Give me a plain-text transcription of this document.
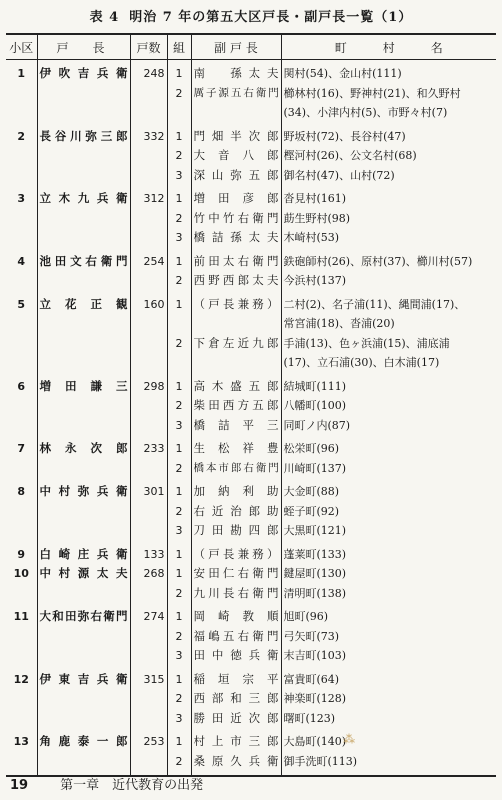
表 4 明治 7 年の第五大区戸長・副戸長一覧（1）
小区	戸　長	戸数	組	副 戸 長	町　　　村　　　名
1	伊吹吉兵衛	248	1	南　孫太夫	関村(54)、金山村(111)
			2	厲子源五右衛門	櫛林村(16)、野神村(21)、和久野村
					(34)、小津内村(5)、市野々村(7)
2	長谷川弥三郎	332	1	門畑半次郎	野坂村(72)、長谷村(47)
			2	大音八郎	樫河村(26)、公文名村(68)
			3	深山弥五郎	御名村(47)、山村(72)
3	立木九兵衛	312	1	増田彦郎	沓見村(161)
			2	竹中竹右衛門	莇生野村(98)
			3	橋詰孫太夫	木崎村(53)
4	池田文右衛門	254	1	前田太右衛門	鉄砲師村(26)、原村(37)、櫛川村(57)
			2	西野西郎太夫	今浜村(137)
5	立花正観	160	1	（戸長兼務）	二村(2)、名子浦(11)、縄間浦(17)、
					常宮浦(18)、沓浦(20)
			2	下倉左近九郎	手浦(13)、色ヶ浜浦(15)、浦底浦
					(17)、立石浦(30)、白木浦(17)
6	増田謙三	298	1	高木盛五郎	結城町(111)
			2	柴田西方五郎	八幡町(100)
			3	橋詰平三	同町ノ内(87)
7	林永次郎	233	1	生松祥豊	松栄町(96)
			2	橋本市郎右衛門	川崎町(137)
8	中村弥兵衛	301	1	加納利助	大金町(88)
			2	右近治郎助	蛭子町(92)
			3	刀田勘四郎	大黒町(121)
9	白崎庄兵衛	133	1	（戸長兼務）	蓬莱町(133)
10	中村源太夫	268	1	安田仁右衛門	鍵屋町(130)
			2	九川長右衛門	清明町(138)
11	大和田弥右衛門	274	1	岡崎教順	旭町(96)
			2	福嶋五右衛門	弓矢町(73)
			3	田中徳兵衛	末吉町(103)
12	伊東吉兵衛	315	1	稲垣宗平	富貴町(64)
			2	西部和三郎	神楽町(128)
			3	勝田近次郎	曙町(123)
13	角鹿泰一郎	253	1	村上市三郎	大島町(140)
			2	桑原久兵衛	御手洗町(113)
⁂
19 第一章　近代教育の出発
